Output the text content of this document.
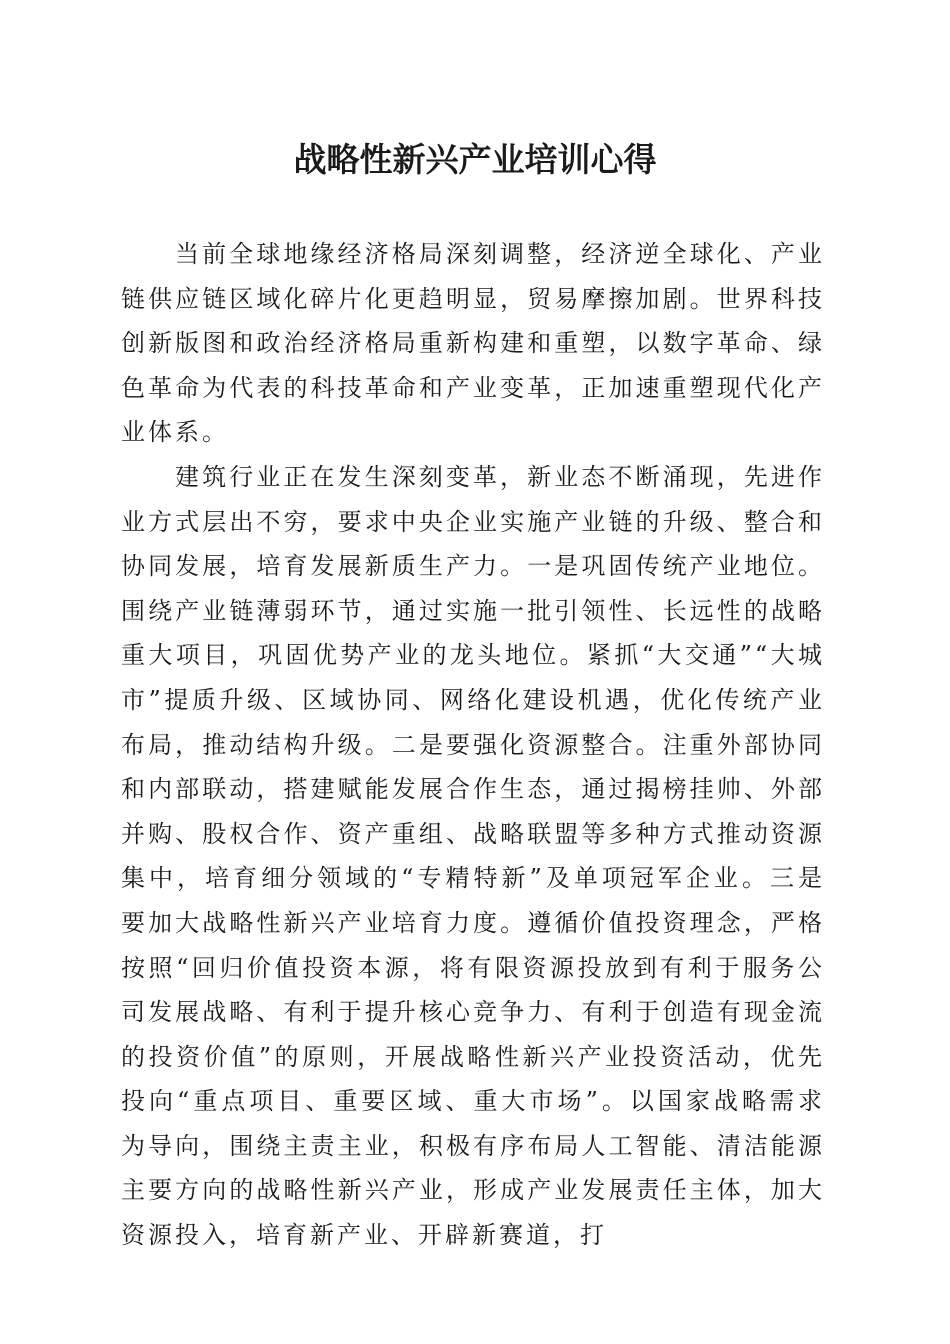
战略性新兴产业培训心得

当前全球地缘经济格局深刻调整，经济逆全球化、产业链供应链区域化碎片化更趋明显，贸易摩擦加剧。世界科技创新版图和政治经济格局重新构建和重塑，以数字革命、绿色革命为代表的科技革命和产业变革，正加速重塑现代化产业体系。

建筑行业正在发生深刻变革，新业态不断涌现，先进作业方式层出不穷，要求中央企业实施产业链的升级、整合和协同发展，培育发展新质生产力。一是巩固传统产业地位。围绕产业链薄弱环节，通过实施一批引领性、长远性的战略重大项目，巩固优势产业的龙头地位。紧抓“大交通”“大城市”提质升级、区域协同、网络化建设机遇，优化传统产业布局，推动结构升级。二是要强化资源整合。注重外部协同和内部联动，搭建赋能发展合作生态，通过揭榜挂帅、外部并购、股权合作、资产重组、战略联盟等多种方式推动资源集中，培育细分领域的“专精特新”及单项冠军企业。三是要加大战略性新兴产业培育力度。遵循价值投资理念，严格按照“回归价值投资本源，将有限资源投放到有利于服务公司发展战略、有利于提升核心竞争力、有利于创造有现金流的投资价值”的原则，开展战略性新兴产业投资活动，优先投向“重点项目、重要区域、重大市场”。以国家战略需求为导向，围绕主责主业，积极有序布局人工智能、清洁能源主要方向的战略性新兴产业，形成产业发展责任主体，加大资源投入，培育新产业、开辟新赛道，打
